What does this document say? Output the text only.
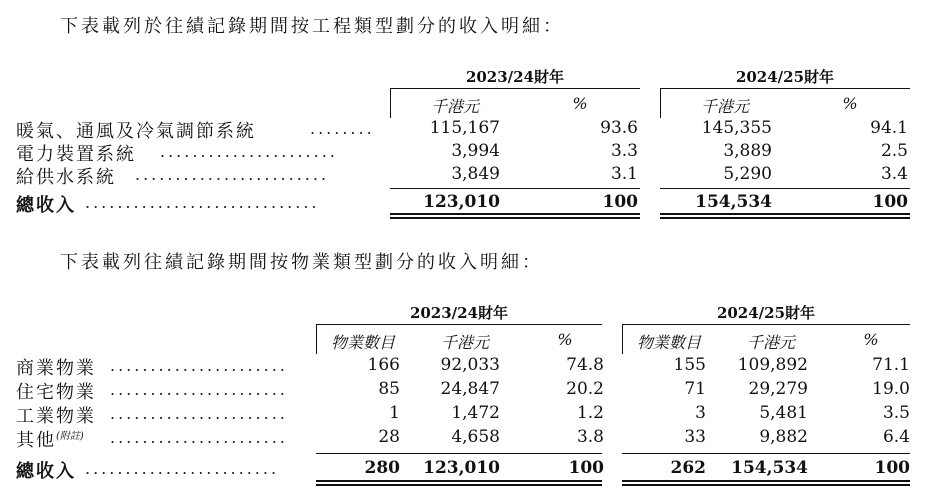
下表載列於往績記錄期間按工程類型劃分的收入明細：
2023/24財年	2024/25財年
千港元	%	千港元	%
暖氣、通風及冷氣調節系統	........	115,167	93.6	145,355	94.1
電力裝置系統 ......................	3,994	3.3	3,889	2.5
給供水系統 ........................	3,849	3.1	5,290	3.4
總收入 .............................	123,010	100	154,534	100
下表載列往績記錄期間按物業類型劃分的收入明細：
2023/24財年	2024/25財年
物業數目	千港元	%	物業數目	千港元	%
商業物業 ......................	166	92,033	74.8	155	109,892	71.1
住宅物業 ......................	85	24,847	20.2	71	29,279	19.0
工業物業 ......................	1	1,472	1.2	3	5,481	3.5
其他$^{(附註)}$ ......................	28	4,658	3.8	33	9,882	6.4
總收入 ........................	280	123,010	100	262	154,534	100
